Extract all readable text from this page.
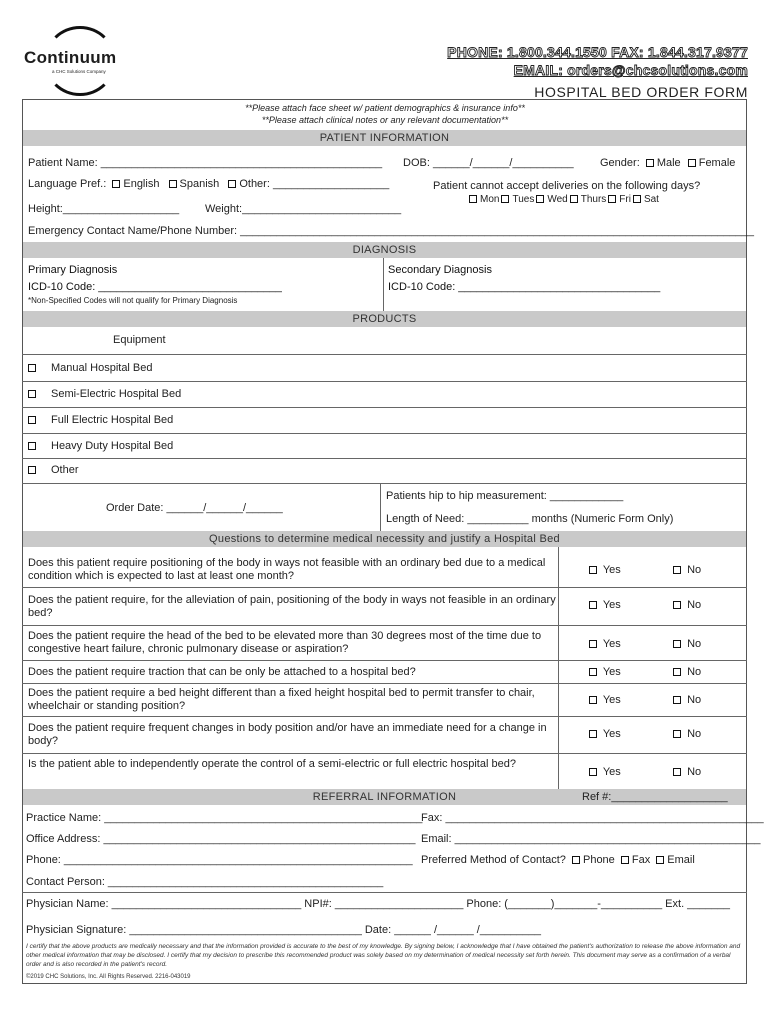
Continuum
a CHC Solutions Company
PHONE: 1.800.344.1550 FAX: 1.844.317.9377
EMAIL: orders@chcsolutions.com
HOSPITAL BED ORDER FORM
**Please attach face sheet w/ patient demographics & insurance info**
**Please attach clinical notes or any relevant documentation**
PATIENT INFORMATION
Patient Name: ______________________________________________ DOB: ______/______/__________ Gender: Male Female
Language Pref.: English Spanish Other: ___________________	Patient cannot accept deliveries on the following days?
Mon Tues Wed Thurs Fri Sat
Height:___________________ Weight:__________________________
Emergency Contact Name/Phone Number: ____________________________________________________________________________________
DIAGNOSIS
Primary Diagnosis
ICD-10 Code: ______________________________
*Non-Specified Codes will not qualify for Primary Diagnosis
Secondary Diagnosis
ICD-10 Code: _________________________________
PRODUCTS
Equipment
Manual Hospital Bed
Semi-Electric Hospital Bed
Full Electric Hospital Bed
Heavy Duty Hospital Bed
Other
Order Date: ______/______/______
Patients hip to hip measurement: ____________
Length of Need: __________ months (Numeric Form Only)
Questions to determine medical necessity and justify a Hospital Bed
Does this patient require positioning of the body in ways not feasible with an ordinary bed due to a medical condition which is expected to last at least one month?	Yes	No
Does the patient require, for the alleviation of pain, positioning of the body in ways not feasible in an ordinary bed?
Yes	No
Does the patient require the head of the bed to be elevated more than 30 degrees most of the time due to congestive heart failure, chronic pulmonary disease or aspiration?	Yes	No
Does the patient require traction that can be only be attached to a hospital bed?	Yes	No
Does the patient require a bed height different than a fixed height hospital bed to permit transfer to chair, wheelchair or standing position?	Yes	No
Does the patient require frequent changes in body position and/or have an immediate need for a change in body?
Yes	No
Is the patient able to independently operate the control of a semi-electric or full electric hospital bed?
Yes	No
REFERRAL INFORMATION	Ref #:___________________
Practice Name: ____________________________________________________
Fax: ____________________________________________________
Office Address: ___________________________________________________ Email: __________________________________________________
Phone: _________________________________________________________ Preferred Method of Contact? Phone Fax Email
Contact Person: _____________________________________________
Physician Name: _______________________________ NPI#: _____________________ Phone: (_______)_______-__________ Ext. _______
Physician Signature: ______________________________________ Date: ______ /______ /__________
I certify that the above products are medically necessary and that the information provided is accurate to the best of my knowledge. By signing below, I acknowledge that I have obtained the patient's authorization to release the above information and other medical information that may be disclosed. I certify that my decision to prescribe this recommended product was solely based on my determination of medical necessity set forth herein. This document may serve as a confirmation of a verbal order and is also recorded in the patient's record.
©2019 CHC Solutions, Inc. All Rights Reserved. 2216-043019
